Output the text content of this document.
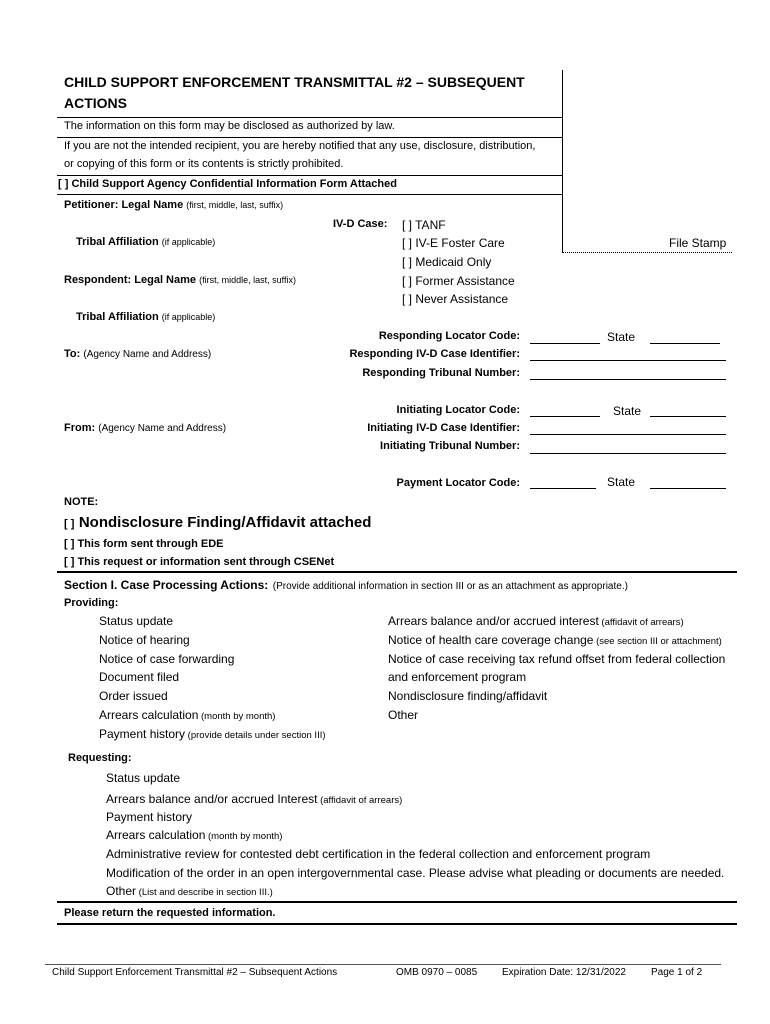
CHILD SUPPORT ENFORCEMENT TRANSMITTAL #2 – SUBSEQUENT
ACTIONS
File Stamp
The information on this form may be disclosed as authorized by law.
If you are not the intended recipient, you are hereby notified that any use, disclosure, distribution,
or copying of this form or its contents is strictly prohibited.
[ ] Child Support Agency Confidential Information Form Attached
Petitioner: Legal Name (first, middle, last, suffix)
Tribal Affiliation (if applicable)
Respondent: Legal Name (first, middle, last, suffix)
Tribal Affiliation (if applicable)
IV-D Case: [ ] TANF
[ ] IV-E Foster Care
[ ] Medicaid Only
[ ] Former Assistance
[ ] Never Assistance
Responding Locator Code:	State
To: (Agency Name and Address)	Responding IV-D Case Identifier:
Responding Tribunal Number:
Initiating Locator Code:	State
From: (Agency Name and Address)	Initiating IV-D Case Identifier:
Initiating Tribunal Number:
Payment Locator Code:	State
NOTE:
[ ] Nondisclosure Finding/Affidavit attached
[ ] This form sent through EDE
[ ] This request or information sent through CSENet
Section I. Case Processing Actions: (Provide additional information in section III or as an attachment as appropriate.)
Providing:
Status update
Notice of hearing
Notice of case forwarding
Document filed
Order issued
Arrears calculation (month by month)
Payment history (provide details under section III)
Arrears balance and/or accrued interest (affidavit of arrears)
Notice of health care coverage change (see section III or attachment)
Notice of case receiving tax refund offset from federal collection
and enforcement program
Nondisclosure finding/affidavit
Other
Requesting:
Status update
Arrears balance and/or accrued Interest (affidavit of arrears)
Payment history
Arrears calculation (month by month)
Administrative review for contested debt certification in the federal collection and enforcement program
Modification of the order in an open intergovernmental case. Please advise what pleading or documents are needed.
Other (List and describe in section III.)
Please return the requested information.
Child Support Enforcement Transmittal #2 – Subsequent Actions	OMB 0970 – 0085 Expiration Date: 12/31/2022	Page 1 of 2
